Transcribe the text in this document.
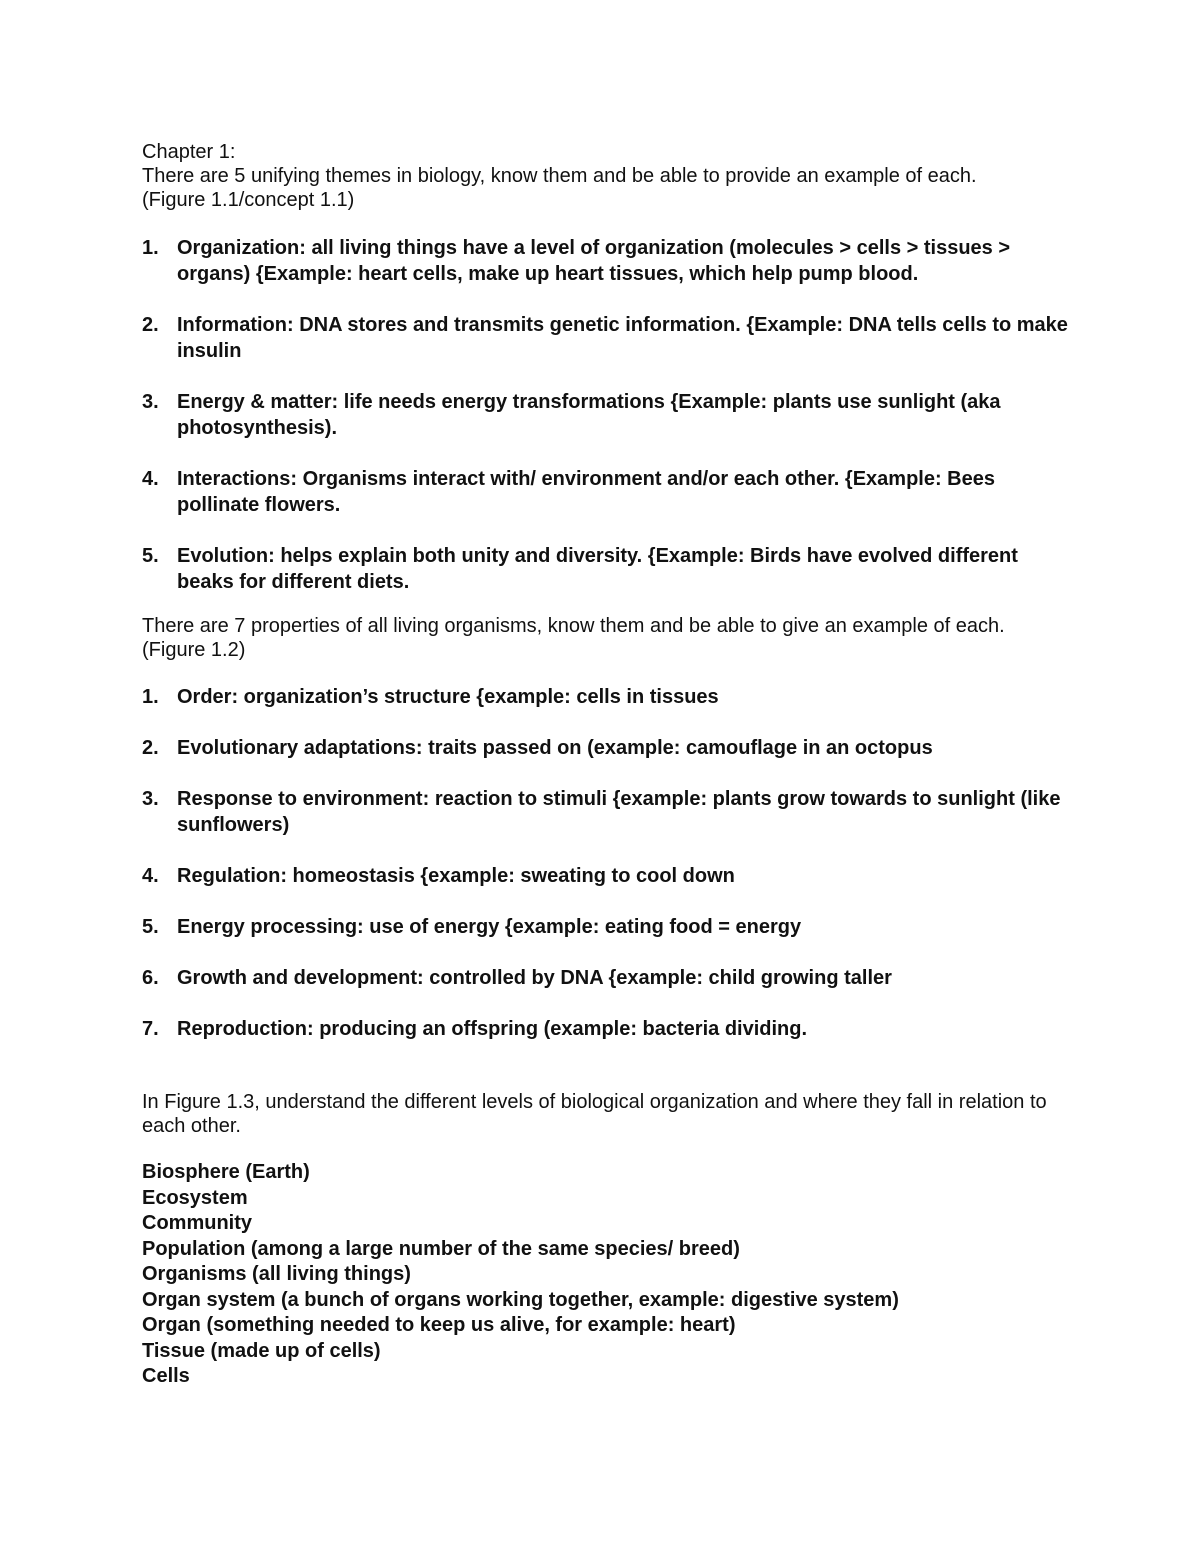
Chapter 1:

There are 5 unifying themes in biology, know them and be able to provide an example of each.

(Figure 1.1/concept 1.1)

1. Organization: all living things have a level of organization (molecules > cells > tissues > organs) {Example: heart cells, make up heart tissues, which help pump blood.
2. Information: DNA stores and transmits genetic information. {Example: DNA tells cells to make insulin
3. Energy & matter: life needs energy transformations {Example: plants use sunlight (aka photosynthesis).
4. Interactions: Organisms interact with/ environment and/or each other. {Example: Bees pollinate flowers.
5. Evolution: helps explain both unity and diversity. {Example: Birds have evolved different beaks for different diets.

There are 7 properties of all living organisms, know them and be able to give an example of each. (Figure 1.2)

1. Order: organization’s structure {example: cells in tissues
2. Evolutionary adaptations: traits passed on (example: camouflage in an octopus
3. Response to environment: reaction to stimuli {example: plants grow towards to sunlight (like sunflowers)
4. Regulation: homeostasis {example: sweating to cool down
5. Energy processing: use of energy {example: eating food = energy
6. Growth and development: controlled by DNA {example: child growing taller
7. Reproduction: producing an offspring (example: bacteria dividing.

In Figure 1.3, understand the different levels of biological organization and where they fall in relation to each other.

Biosphere (Earth)
Ecosystem
Community
Population (among a large number of the same species/ breed)
Organisms (all living things)
Organ system (a bunch of organs working together, example: digestive system)
Organ (something needed to keep us alive, for example: heart)
Tissue (made up of cells)
Cells
